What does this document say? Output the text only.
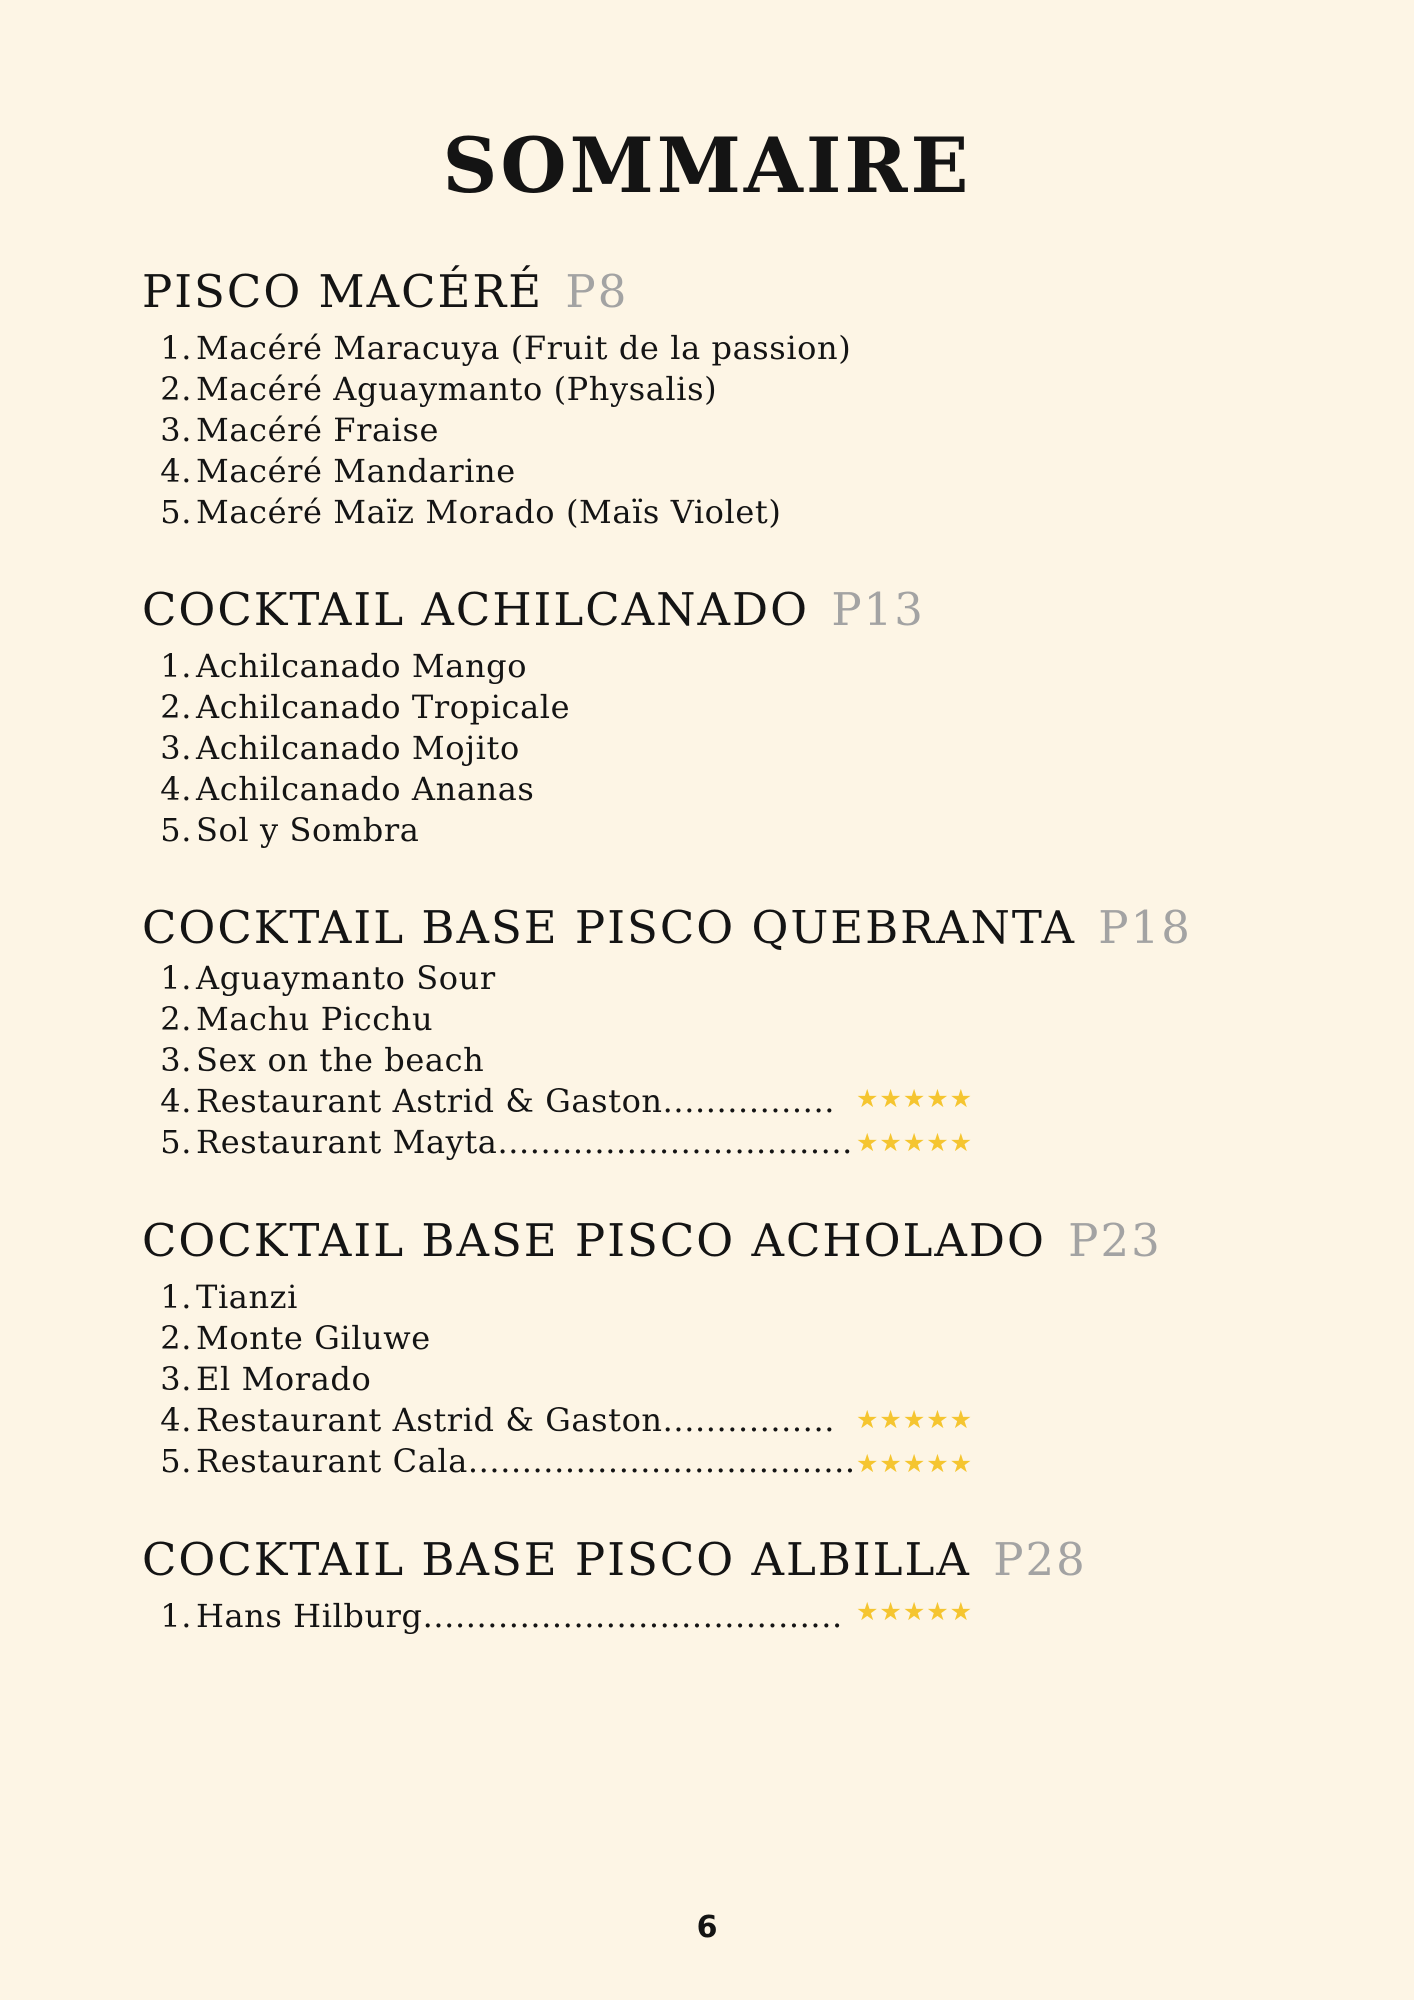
SOMMAIRE
PISCO MACÉRÉ P8
1. Macéré Maracuya (Fruit de la passion)
2. Macéré Aguaymanto (Physalis)
3. Macéré Fraise
4. Macéré Mandarine
5. Macéré Maïz Morado (Maïs Violet)
COCKTAIL ACHILCANADO P13
1. Achilcanado Mango
2. Achilcanado Tropicale
3. Achilcanado Mojito
4. Achilcanado Ananas
5. Sol y Sombra
COCKTAIL BASE PISCO QUEBRANTA P18
1. Aguaymanto Sour
2. Machu Picchu
3. Sex on the beach
4. Restaurant Astrid & Gaston................ ★★★★★
5. Restaurant Mayta................................. ★★★★★
COCKTAIL BASE PISCO ACHOLADO P23
1. Tianzi
2. Monte Giluwe
3. El Morado
4. Restaurant Astrid & Gaston................ ★★★★★
5. Restaurant Cala.................................... ★★★★★
COCKTAIL BASE PISCO ALBILLA P28
1. Hans Hilburg....................................... ★★★★★
6
